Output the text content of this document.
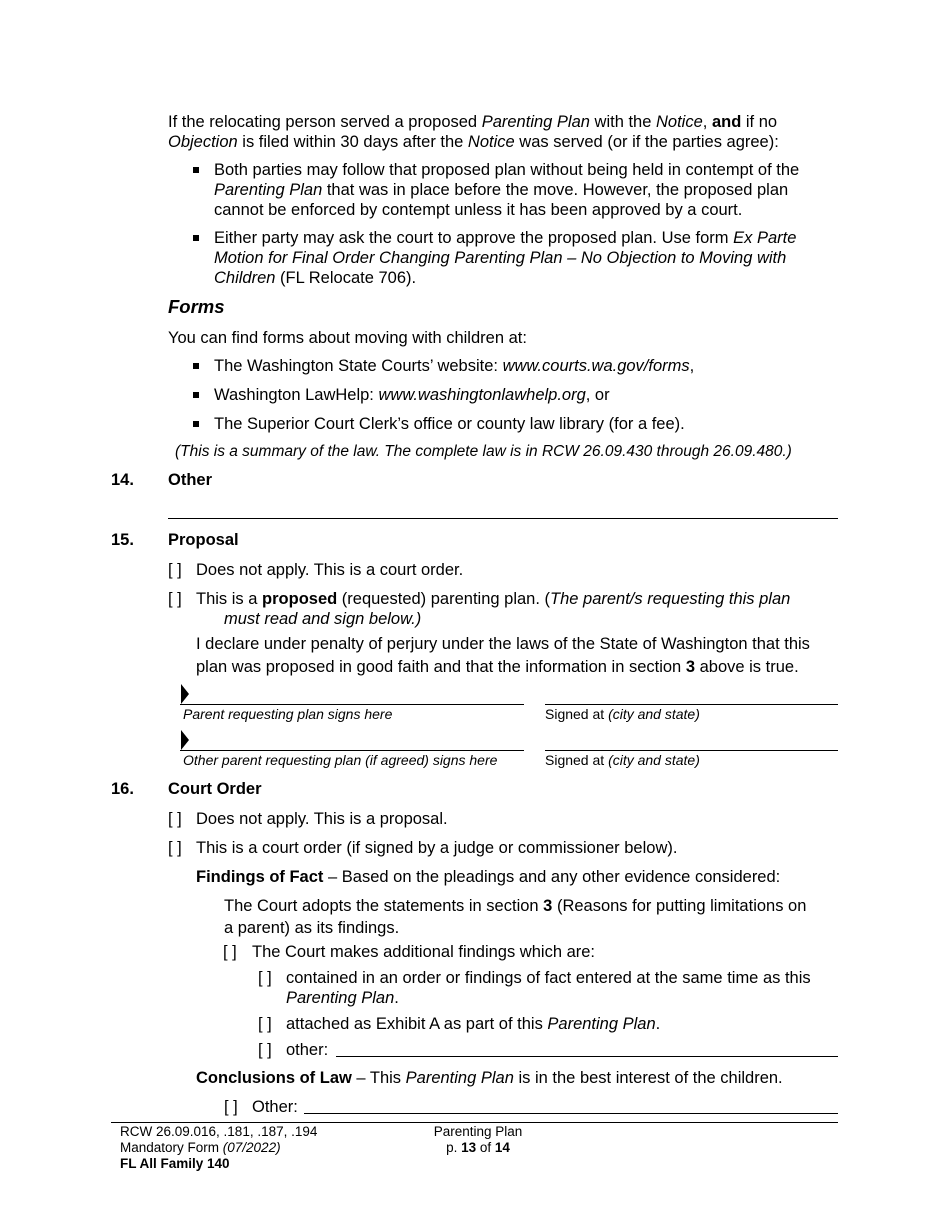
If the relocating person served a proposed Parenting Plan with the Notice, and if no
Objection is filed within 30 days after the Notice was served (or if the parties agree):
Both parties may follow that proposed plan without being held in contempt of the
Parenting Plan that was in place before the move. However, the proposed plan
cannot be enforced by contempt unless it has been approved by a court.
Either party may ask the court to approve the proposed plan. Use form Ex Parte
Motion for Final Order Changing Parenting Plan – No Objection to Moving with
Children (FL Relocate 706).
Forms
You can find forms about moving with children at:
The Washington State Courts’ website: www.courts.wa.gov/forms,
Washington LawHelp: www.washingtonlawhelp.org, or
The Superior Court Clerk’s office or county law library (for a fee).
(This is a summary of the law. The complete law is in RCW 26.09.430 through 26.09.480.)
14. Other
15. Proposal
[ ] Does not apply. This is a court order.
[ ] This is a proposed (requested) parenting plan. (The parent/s requesting this plan
must read and sign below.)
I declare under penalty of perjury under the laws of the State of Washington that this
plan was proposed in good faith and that the information in section 3 above is true.
Parent requesting plan signs here	Signed at (city and state)
Other parent requesting plan (if agreed) signs here	Signed at (city and state)
16. Court Order
[ ] Does not apply. This is a proposal.
[ ] This is a court order (if signed by a judge or commissioner below).
Findings of Fact – Based on the pleadings and any other evidence considered:
The Court adopts the statements in section 3 (Reasons for putting limitations on
a parent) as its findings.
[ ] The Court makes additional findings which are:
[ ] contained in an order or findings of fact entered at the same time as this
Parenting Plan.
[ ] attached as Exhibit A as part of this Parenting Plan.
[ ] other:
Conclusions of Law – This Parenting Plan is in the best interest of the children.
[ ] Other:
RCW 26.09.016, .181, .187, .194
Mandatory Form (07/2022)
FL All Family 140
Parenting Plan
p. 13 of 14
